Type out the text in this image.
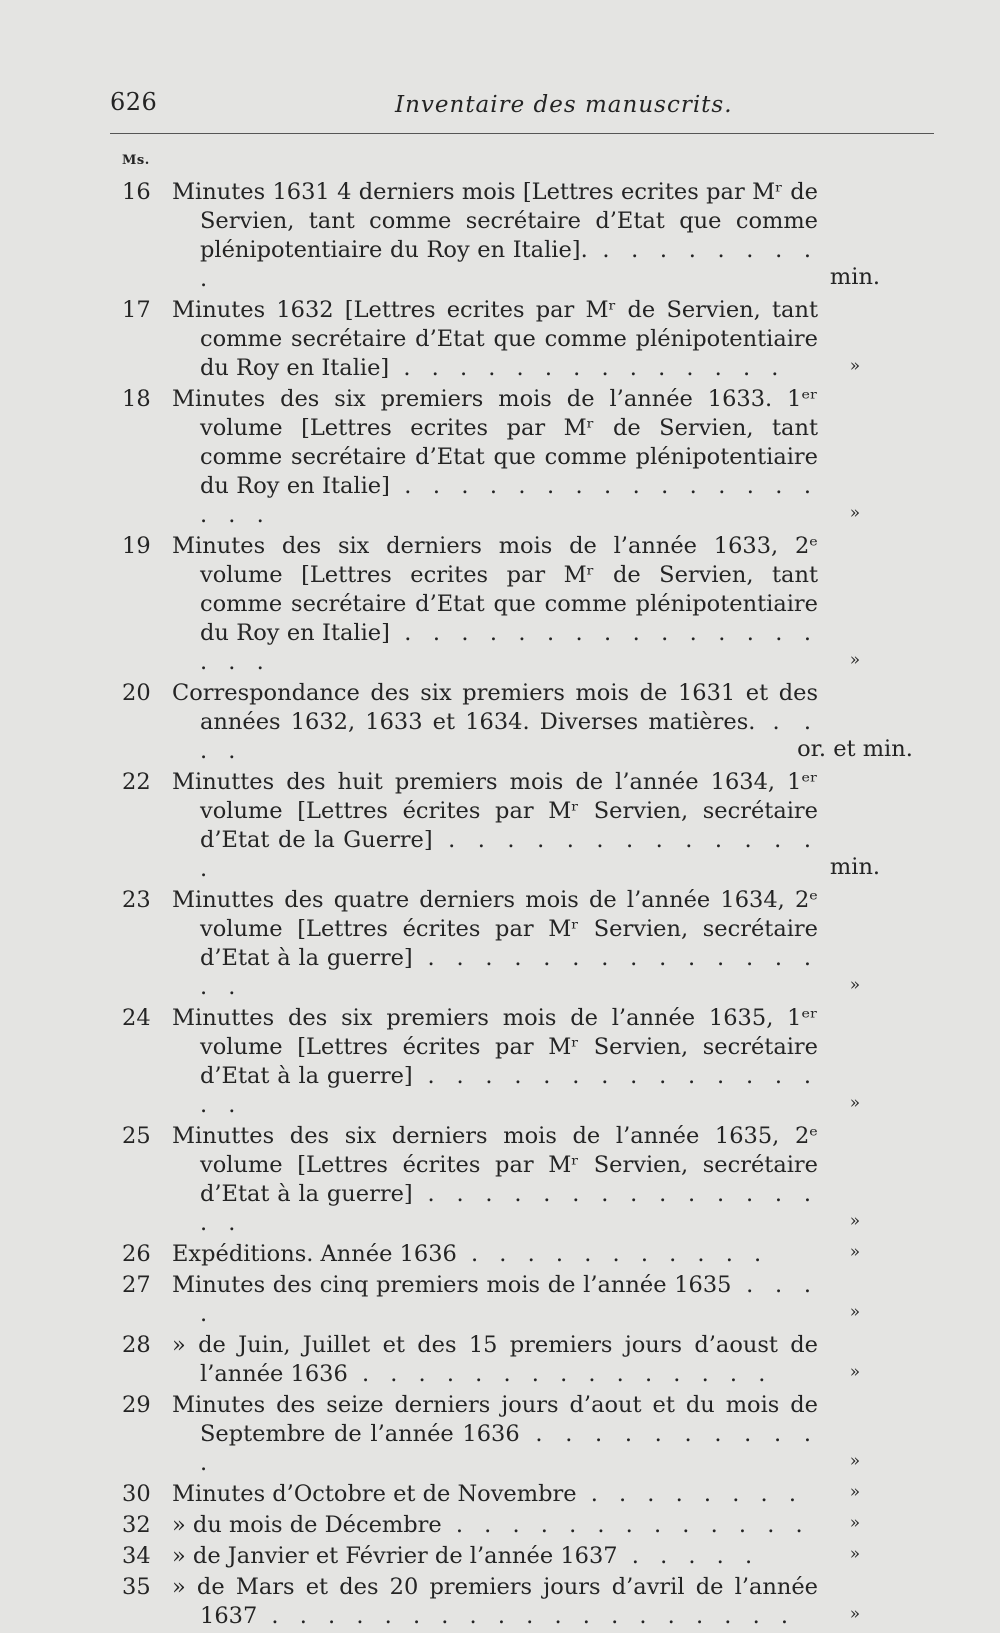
626	Inventaire des manuscrits.
Ms.
16 Minutes 1631 4 derniers mois [Lettres ecrites par Mʳ de Servien, tant comme secrétaire d’Etat que comme plénipotentiaire du Roy en Italie]. . . . . . . . . .	min.
17 Minutes 1632 [Lettres ecrites par Mʳ de Servien, tant comme secrétaire d’Etat que comme plénipotentiaire du Roy en Italie] . . . . . . . . . . . . . .	»
18 Minutes des six premiers mois de l’année 1633. 1ᵉʳ volume [Lettres ecrites par Mʳ de Servien, tant comme secrétaire d’Etat que comme plénipotentiaire du Roy en Italie] . . . . . . . . . . . . . . . . . .	»
19 Minutes des six derniers mois de l’année 1633, 2ᵉ volume [Lettres ecrites par Mʳ de Servien, tant comme secrétaire d’Etat que comme plénipotentiaire du Roy en Italie] . . . . . . . . . . . . . . . . . .	»
20 Correspondance des six premiers mois de 1631 et des années 1632, 1633 et 1634. Diverses matières. . . . .	or. et min.
22 Minuttes des huit premiers mois de l’année 1634, 1ᵉʳ volume [Lettres écrites par Mʳ Servien, secrétaire d’Etat de la Guerre] . . . . . . . . . . . . . .	min.
23 Minuttes des quatre derniers mois de l’année 1634, 2ᵉ volume [Lettres écrites par Mʳ Servien, secrétaire d’Etat à la guerre] . . . . . . . . . . . . . . . .	»
24 Minuttes des six premiers mois de l’année 1635, 1ᵉʳ volume [Lettres écrites par Mʳ Servien, secrétaire d’Etat à la guerre] . . . . . . . . . . . . . . . .	»
25 Minuttes des six derniers mois de l’année 1635, 2ᵉ volume [Lettres écrites par Mʳ Servien, secrétaire d’Etat à la guerre] . . . . . . . . . . . . . . . .	»
26 Expéditions. Année 1636 . . . . . . . . . . .	»
27 Minutes des cinq premiers mois de l’année 1635 . . . .	»
28 » de Juin, Juillet et des 15 premiers jours d’aoust de l’année 1636 . . . . . . . . . . . . . . .	»
29 Minutes des seize derniers jours d’aout et du mois de Septembre de l’année 1636 . . . . . . . . . . .	»
30 Minutes d’Octobre et de Novembre . . . . . . . .	»
32 » du mois de Décembre . . . . . . . . . . . . .	»
34 » de Janvier et Février de l’année 1637 . . . . .	»
35 » de Mars et des 20 premiers jours d’avril de l’année 1637 . . . . . . . . . . . . . . . . . . .	»
